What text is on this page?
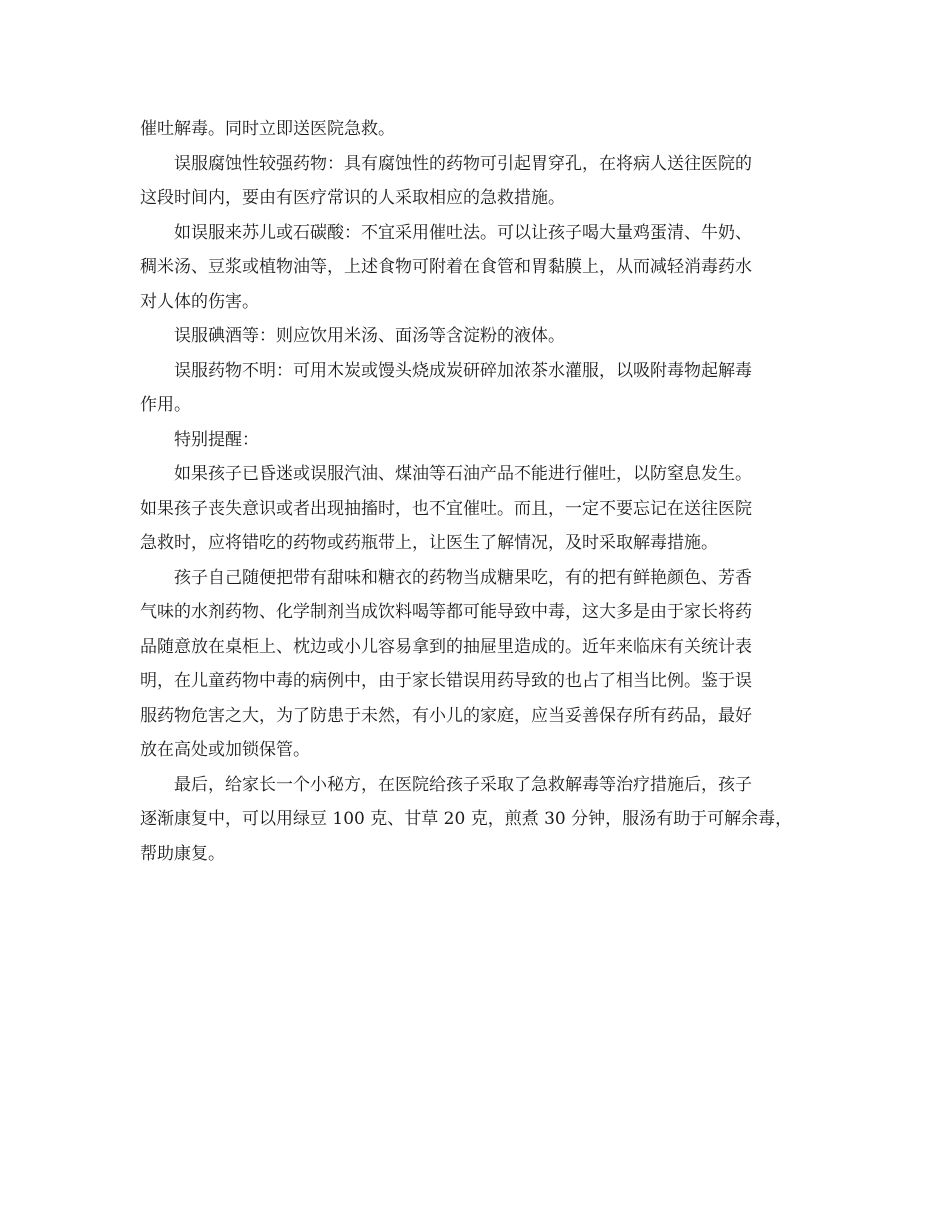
催吐解毒。同时立即送医院急救。

　　误服腐蚀性较强药物：具有腐蚀性的药物可引起胃穿孔，在将病人送往医院的
这段时间内，要由有医疗常识的人采取相应的急救措施。

　　如误服来苏儿或石碳酸：不宜采用催吐法。可以让孩子喝大量鸡蛋清、牛奶、
稠米汤、豆浆或植物油等，上述食物可附着在食管和胃黏膜上，从而减轻消毒药水
对人体的伤害。

　　误服碘酒等：则应饮用米汤、面汤等含淀粉的液体。

　　误服药物不明：可用木炭或馒头烧成炭研碎加浓茶水灌服，以吸附毒物起解毒
作用。

　　特别提醒：

　　如果孩子已昏迷或误服汽油、煤油等石油产品不能进行催吐，以防窒息发生。
如果孩子丧失意识或者出现抽搐时，也不宜催吐。而且，一定不要忘记在送往医院
急救时，应将错吃的药物或药瓶带上，让医生了解情况，及时采取解毒措施。

　　孩子自己随便把带有甜味和糖衣的药物当成糖果吃，有的把有鲜艳颜色、芳香
气味的水剂药物、化学制剂当成饮料喝等都可能导致中毒，这大多是由于家长将药
品随意放在桌柜上、枕边或小儿容易拿到的抽屉里造成的。近年来临床有关统计表
明，在儿童药物中毒的病例中，由于家长错误用药导致的也占了相当比例。鉴于误
服药物危害之大，为了防患于未然，有小儿的家庭，应当妥善保存所有药品，最好
放在高处或加锁保管。

　　最后，给家长一个小秘方，在医院给孩子采取了急救解毒等治疗措施后，孩子
逐渐康复中，可以用绿豆 100 克、甘草 20 克，煎煮 30 分钟，服汤有助于可解余毒，
帮助康复。
